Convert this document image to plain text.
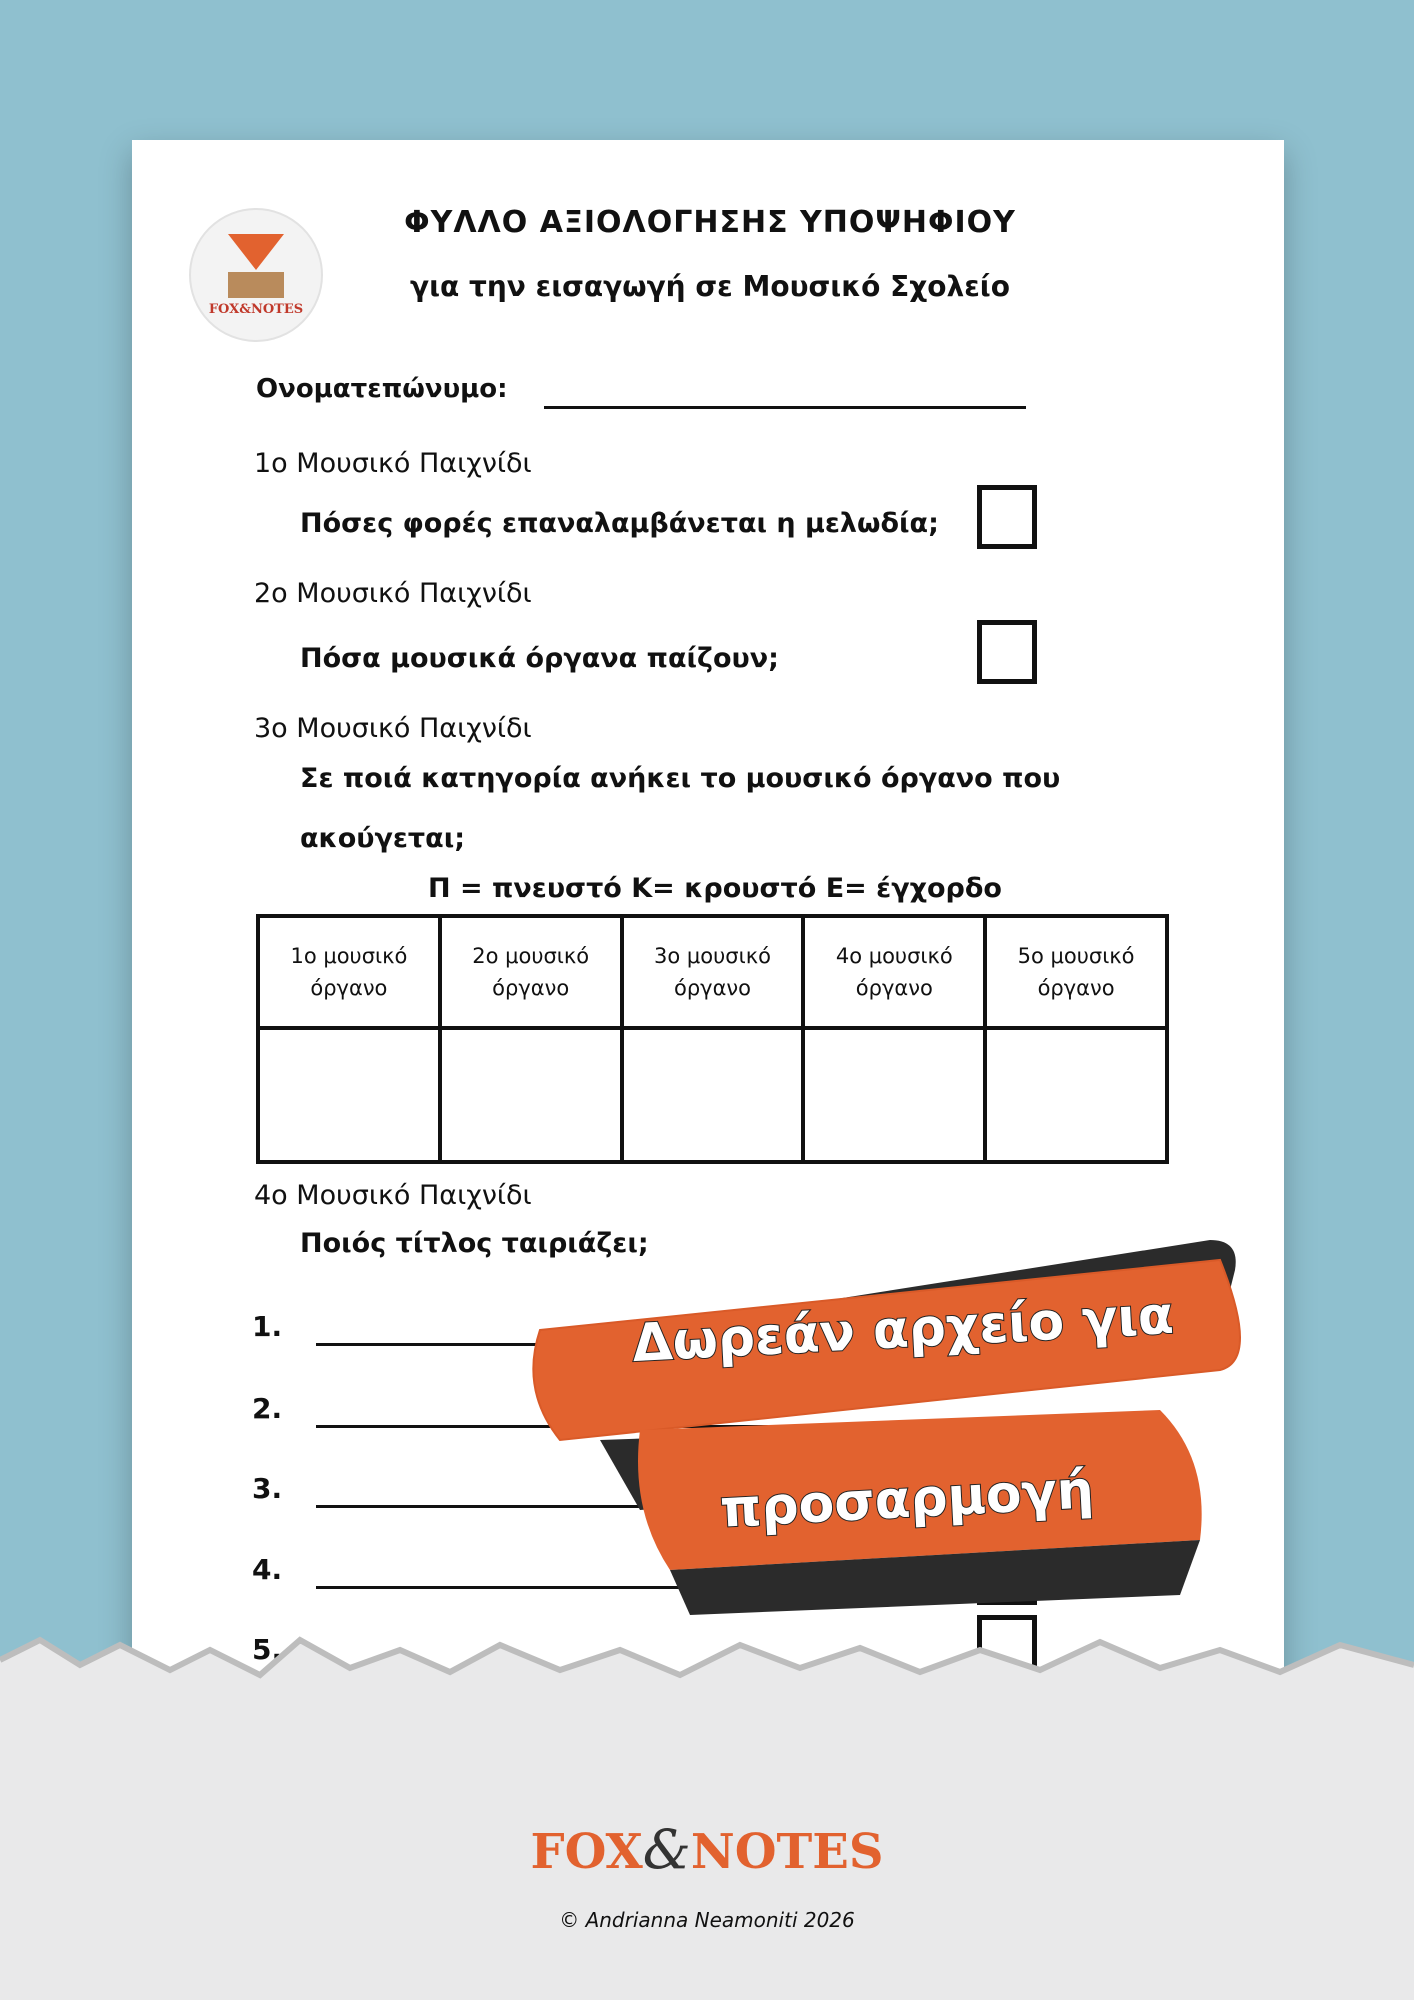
FOX&NOTES
ΦΥΛΛΟ ΑΞΙΟΛΟΓΗΣΗΣ ΥΠΟΨΗΦΙΟΥ
για την εισαγωγή σε Μουσικό Σχολείο
Ονοματεπώνυμο:
1ο Μουσικό Παιχνίδι
Πόσες φορές επαναλαμβάνεται η μελωδία;
2ο Μουσικό Παιχνίδι
Πόσα μουσικά όργανα παίζουν;
3ο Μουσικό Παιχνίδι
Σε ποιά κατηγορία ανήκει το μουσικό όργανο που
ακούγεται;
Π = πνευστό Κ= κρουστό Ε= έγχορδο
1ο μουσικό
όργανο	2ο μουσικό
όργανο	3ο μουσικό
όργανο	4ο μουσικό
όργανο	5ο μουσικό
όργανο

4ο Μουσικό Παιχνίδι
Ποιός τίτλος ταιριάζει;
1.
2.
3.
4.
5.
Δωρεάν αρχείο για
προσαρμογή
FOX&NOTES
© Andrianna Neamoniti 2026
